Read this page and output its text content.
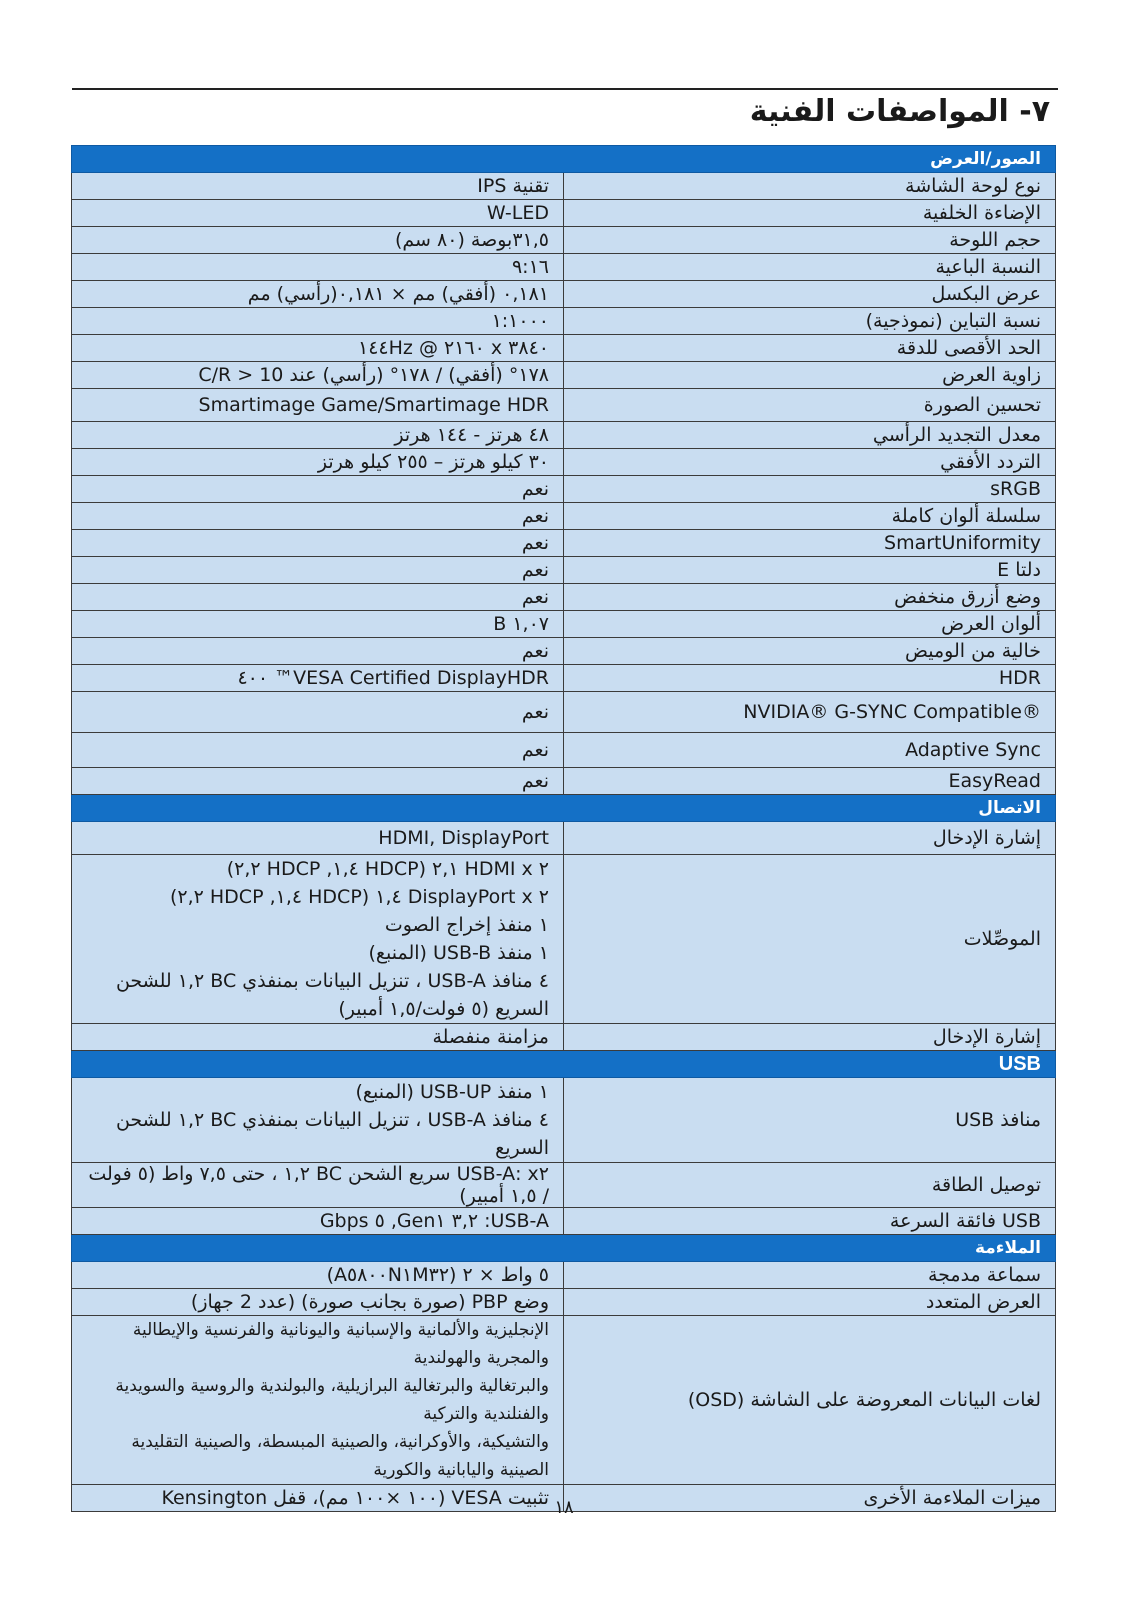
٧- المواصفات الفنية
الصور/العرض	
نوع لوحة الشاشة	تقنية IPS
الإضاءة الخلفية	W-LED
حجم اللوحة	٣١,٥بوصة (٨٠ سم)
النسبة الباعية	٩:١٦
عرض البكسل	٠,١٨١ (أفقي) مم × ٠,١٨١(رأسي) مم
نسبة التباين (نموذجية)	١:١٠٠٠
الحد الأقصى للدقة	٣٨٤٠ x ٢١٦٠ @ ١٤٤Hz
زاوية العرض	١٧٨° (أفقي) / ١٧٨° (رأسي) عند C/R > 10
تحسين الصورة	Smartimage Game/Smartimage HDR
معدل التجديد الرأسي	٤٨ هرتز - ١٤٤ هرتز
التردد الأفقي	٣٠ كيلو هرتز – ٢٥٥ كيلو هرتز
sRGB	نعم
سلسلة ألوان كاملة	نعم
SmartUniformity	نعم
دلتا E	نعم
وضع أزرق منخفض	نعم
ألوان العرض	١,٠٧ B
خالية من الوميض	نعم
HDR	VESA Certified DisplayHDR™ ٤٠٠
®NVIDIA® G-SYNC Compatible	نعم
Adaptive Sync	نعم
EasyRead	نعم
الاتصال	
إشارة الإدخال	HDMI, DisplayPort
الموصِّلات	٢ HDMI x ٢,١ (HDCP ١,٤, HDCP ٢,٢)
٢ DisplayPort x ١,٤ (HDCP ١,٤, HDCP ٢,٢)
١ منفذ إخراج الصوت
١ منفذ USB-B (المنبع)
٤ منافذ USB-A ، تنزيل البيانات بمنفذي BC ١,٢ للشحن السريع (٥ فولت/١,٥ أمبير)

إشارة الإدخال	مزامنة منفصلة
USB	
منافذ USB	١ منفذ USB-UP (المنبع)
٤ منافذ USB-A ، تنزيل البيانات بمنفذي BC ١,٢ للشحن السريع

توصيل الطاقة	x٢ :USB-A سريع الشحن BC ١,٢ ، حتى ٧,٥ واط (٥ فولت / ١,٥ أمبير)
USB فائقة السرعة	USB-A: ٣,٢ Gen١, ٥ Gbps
الملاءمة	
سماعة مدمجة	٥ واط × ٢ (A٥٨٠٠N١M٣٢)
العرض المتعدد	وضع PBP (صورة بجانب صورة) (عدد 2 جهاز)
لغات البيانات المعروضة على الشاشة (OSD)	الإنجليزية والألمانية والإسبانية واليونانية والفرنسية والإيطالية والمجرية والهولندية
والبرتغالية والبرتغالية البرازيلية، والبولندية والروسية والسويدية والفنلندية والتركية
والتشيكية، والأوكرانية، والصينية المبسطة، والصينية التقليدية الصينية واليابانية والكورية

ميزات الملاءمة الأخرى	تثبيت VESA (١٠٠ ×١٠٠ مم)، قفل Kensington ١٨
